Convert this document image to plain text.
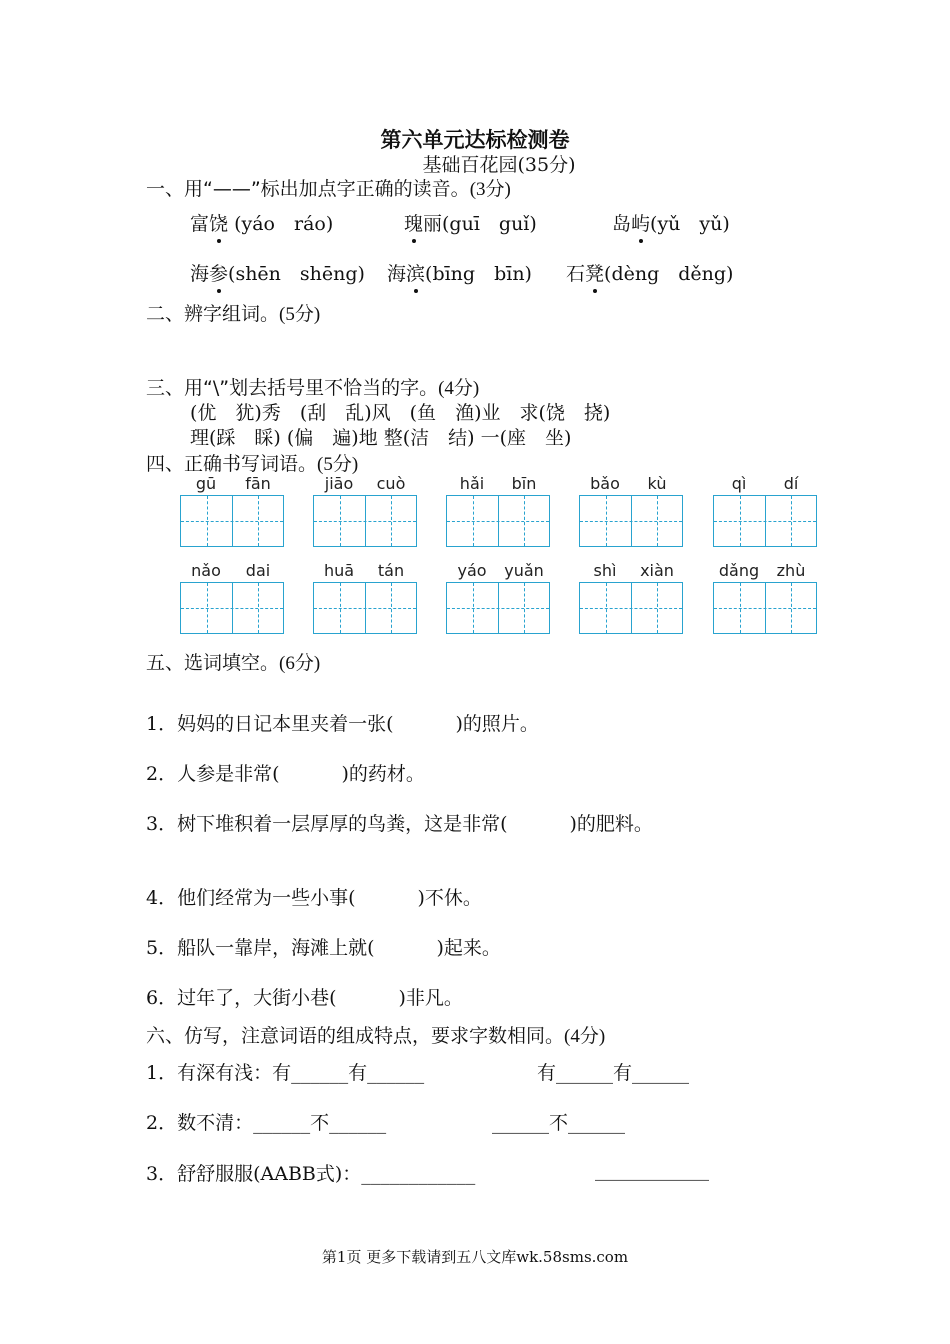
第六单元达标检测卷
基础百花园(35分)
一、用“——”标出加点字正确的读音。(3分)
富饶 (yáo　ráo)	瑰丽(guī　guǐ)	岛屿(yǔ　yǔ)
海参(shēn　shēng) 海滨(bīng　bīn) 石凳(dèng　děng)
二、辨字组词。(5分)
三、用“\”划去括号里不恰当的字。(4分)
(优　犹)秀　(刮　乱)风　(鱼　渔)业　求(饶　挠)
理(踩　睬) (偏　遍)地 整(洁　结) 一(座　坐)
四、正确书写词语。(5分)
gū fān	jiāo cuò	hǎi bīn	bǎo kù	qì dí
nǎo dai	huā tán	yáo yuǎn	shì xiàn	dǎng zhù
五、选词填空。(6分)
1．妈妈的日记本里夹着一张(	)的照片。
2．人参是非常(	)的药材。
3．树下堆积着一层厚厚的鸟粪，这是非常(	)的肥料。
4．他们经常为一些小事(	)不休。
5．船队一靠岸，海滩上就(	)起来。
6．过年了，大街小巷(	)非凡。
六、仿写，注意词语的组成特点，要求字数相同。(4分)
1．有深有浅：有______有______	有______有______
2．数不清：______不______	______不______
3．舒舒服服(AABB式)：____________	____________
第1页 更多下载请到五八文库wk.58sms.com
